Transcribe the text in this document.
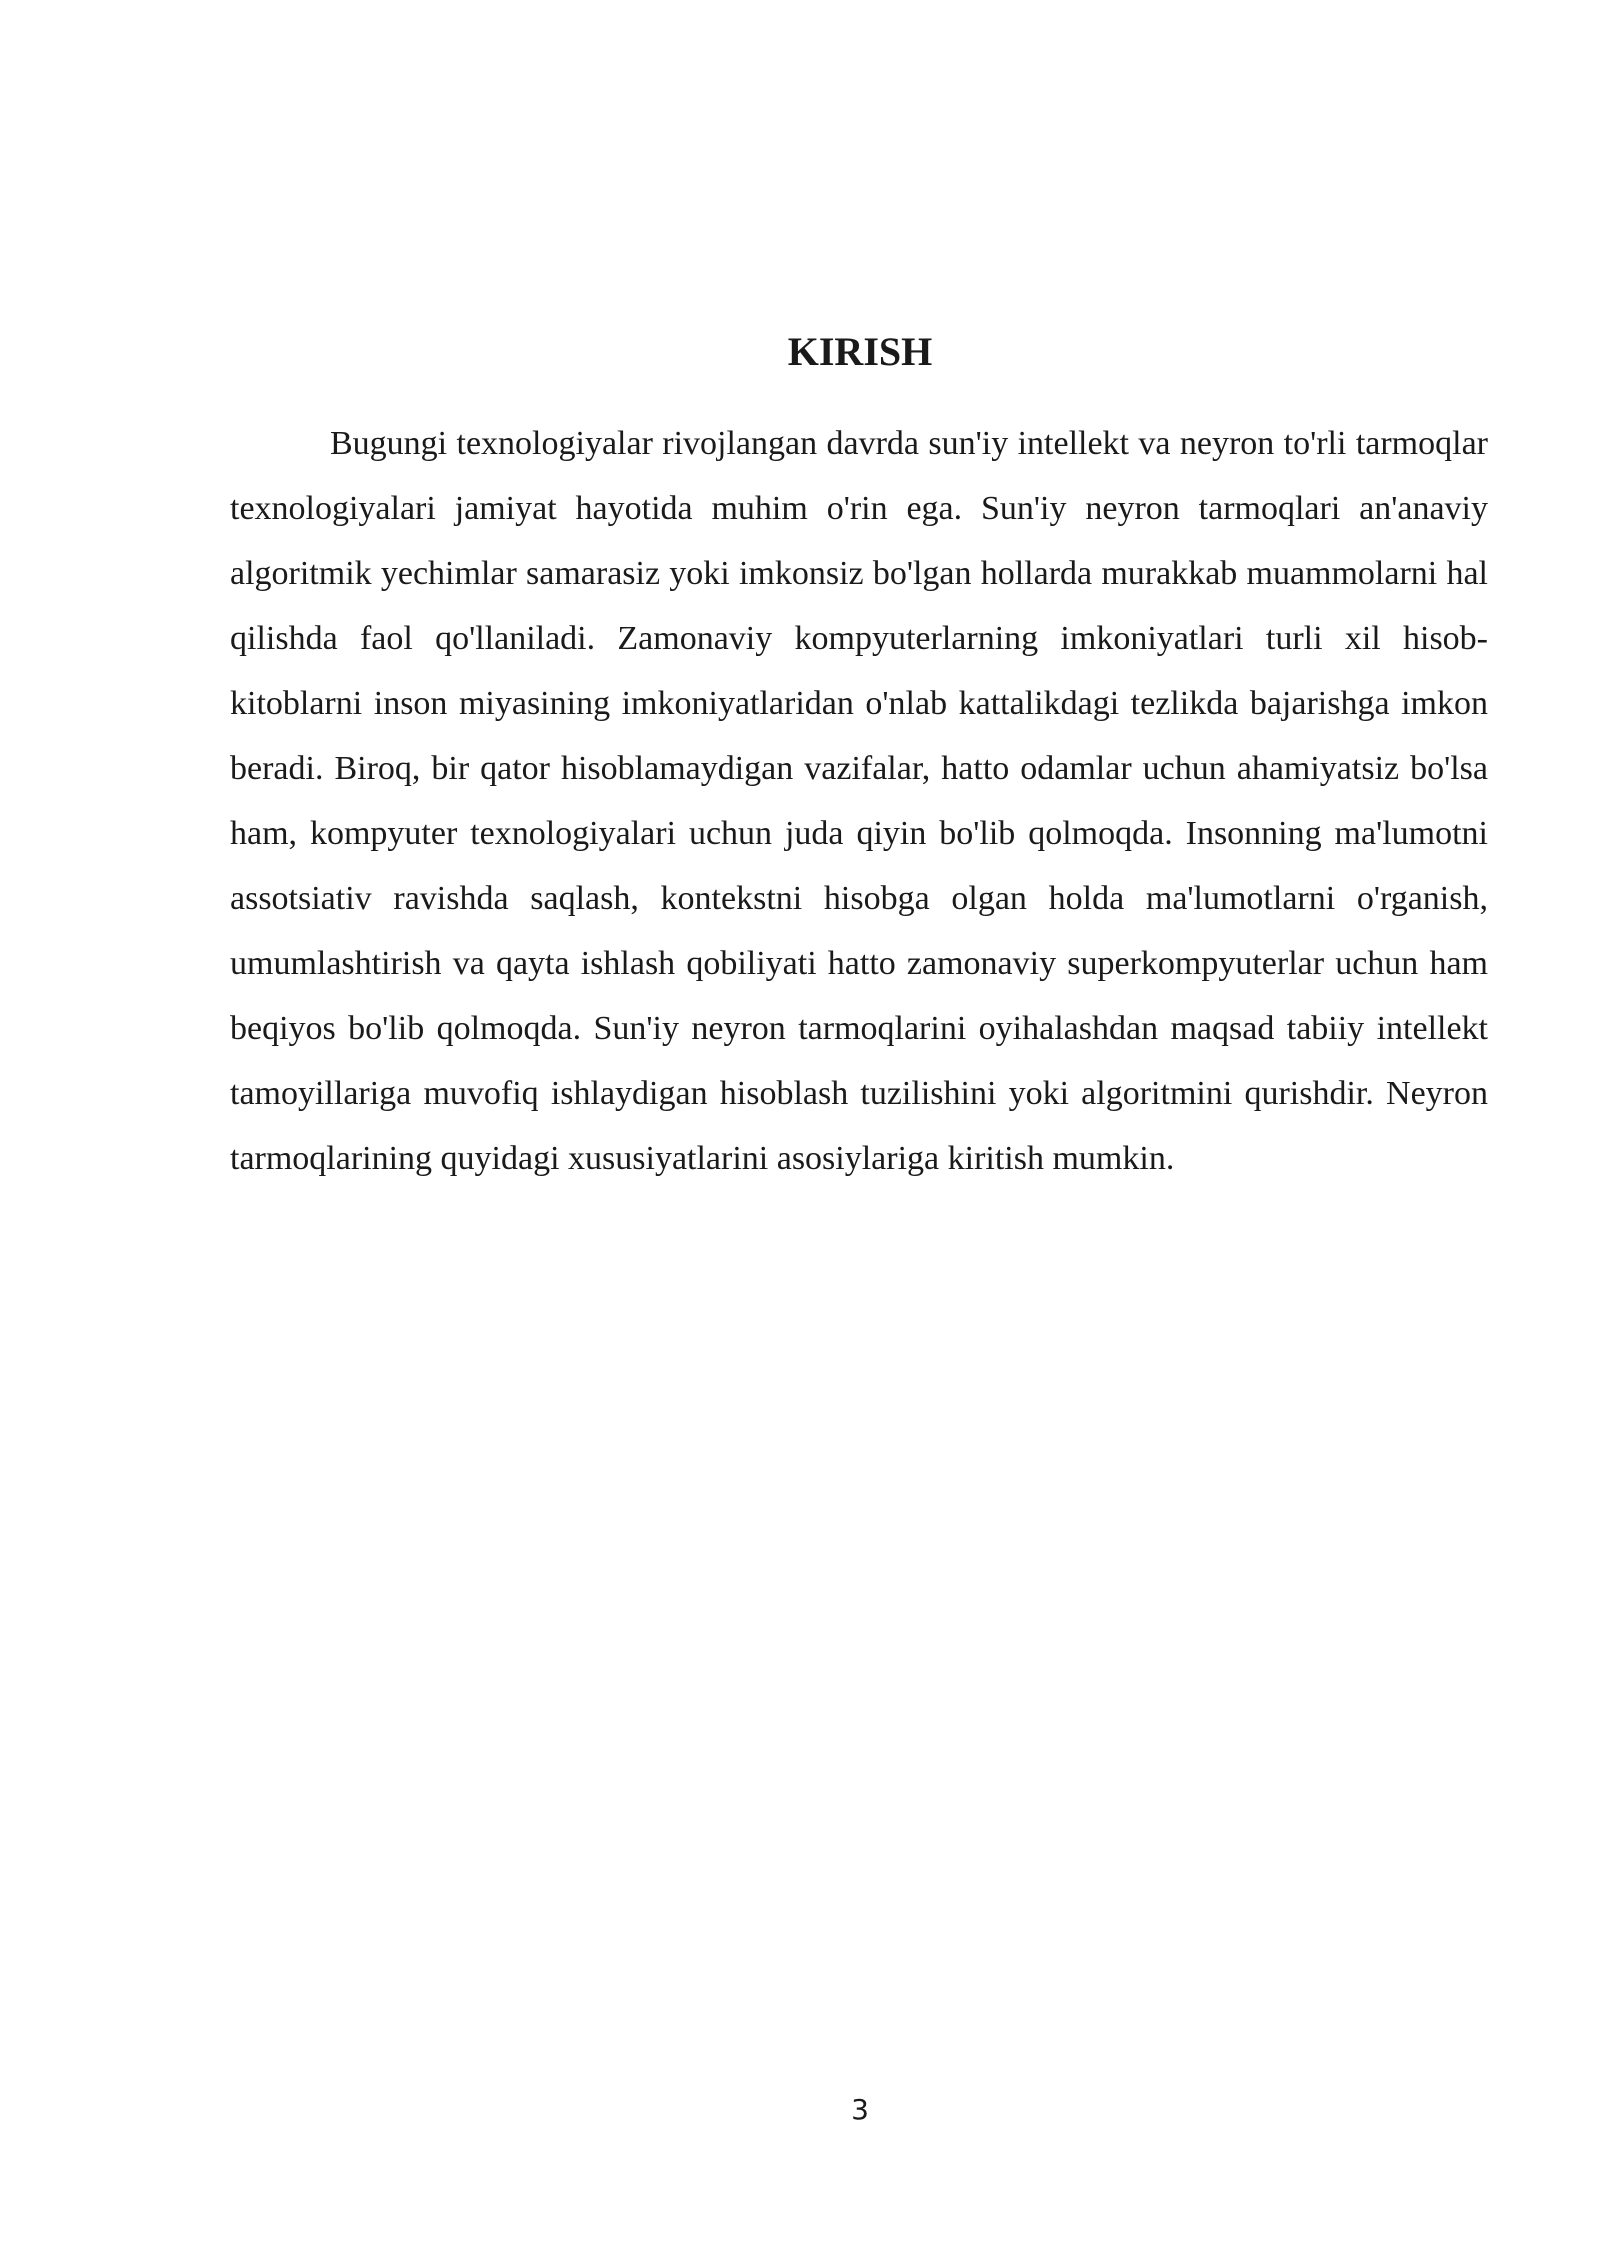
KIRISH

Bugungi texnologiyalar rivojlangan davrda sun'iy intellekt va neyron to'rli tarmoqlar texnologiyalari jamiyat hayotida muhim o'rin ega. Sun'iy neyron tarmoqlari an'anaviy algoritmik yechimlar samarasiz yoki imkonsiz bo'lgan hollarda murakkab muammolarni hal qilishda faol qo'llaniladi. Zamonaviy kompyuterlarning imkoniyatlari turli xil hisob-kitoblarni inson miyasining imkoniyatlaridan o'nlab kattalikdagi tezlikda bajarishga imkon beradi. Biroq, bir qator hisoblamaydigan vazifalar, hatto odamlar uchun ahamiyatsiz bo'lsa ham, kompyuter texnologiyalari uchun juda qiyin bo'lib qolmoqda. Insonning ma'lumotni assotsiativ ravishda saqlash, kontekstni hisobga olgan holda ma'lumotlarni o'rganish, umumlashtirish va qayta ishlash qobiliyati hatto zamonaviy superkompyuterlar uchun ham beqiyos bo'lib qolmoqda. Sun'iy neyron tarmoqlarini oyihalashdan maqsad tabiiy intellekt tamoyillariga muvofiq ishlaydigan hisoblash tuzilishini yoki algoritmini qurishdir. Neyron tarmoqlarining quyidagi xususiyatlarini asosiylariga kiritish mumkin.

3
